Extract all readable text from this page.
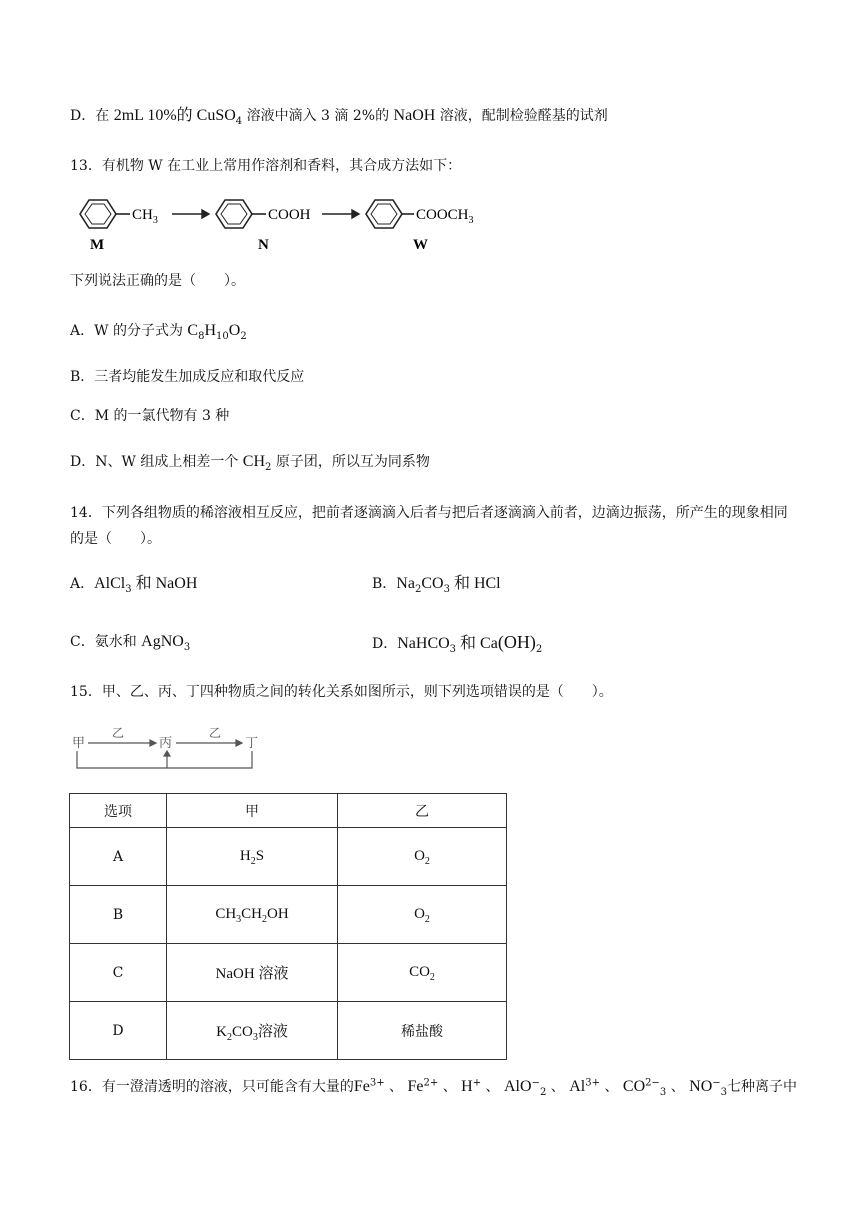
D．在 2mL 10%的 CuSO$_4$ 溶液中滴入 3 滴 2%的 NaOH 溶液，配制检验醛基的试剂
13．有机物 W 在工业上常用作溶剂和香料，其合成方法如下：
$CH_3$
M
COOH
N
$COOCH_3$
W
下列说法正确的是（　　）。
A．W 的分子式为 $C_8H_{10}O_2$
B．三者均能发生加成反应和取代反应
C．M 的一氯代物有 3 种
D．N、W 组成上相差一个 $CH_2$ 原子团，所以互为同系物
14．下列各组物质的稀溶液相互反应，把前者逐滴滴入后者与把后者逐滴滴入前者，边滴边振荡，所产生的现象相同的是（　　）。
A．AlCl$_3$ 和 NaOH	B．$Na_2CO_3$ 和 HCl
C．氨水和 AgNO$_3$	D．NaHCO$_3$ 和 $Ca(OH)_2$
15．甲、乙、丙、丁四种物质之间的转化关系如图所示，则下列选项错误的是（　　）。
甲
乙
丙
乙
丁
选项	甲	乙
A	$H_2S$	$O_2$
B	$CH_3CH_2OH$	$O_2$
C	NaOH 溶液	$CO_2$
D	$K_2CO_3$溶液	稀盐酸
16．有一澄清透明的溶液，只可能含有大量的$Fe^{3+}$ 、 $Fe^{2+}$ 、 H+ 、 AlO−$_2$ 、 $Al^{3+}$ 、 $CO^{2-}_3$ 、 $NO^-_3$七种离子中
